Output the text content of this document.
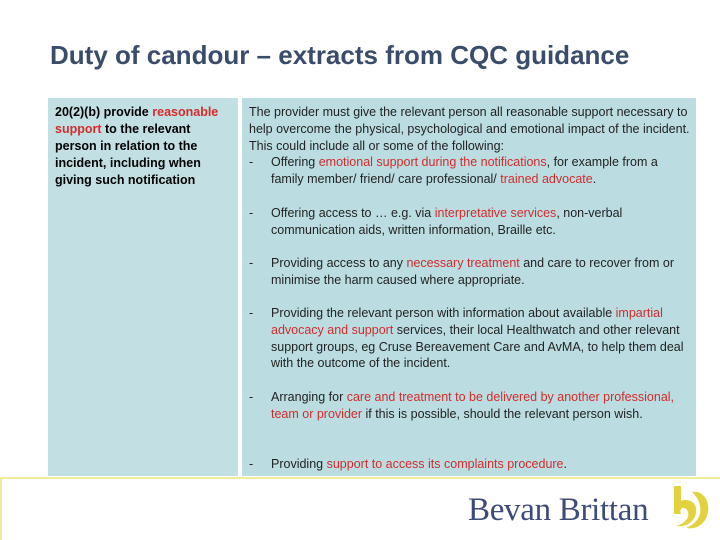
Duty of candour – extracts from CQC guidance
20(2)(b) provide reasonable support to the relevant person in relation to the incident, including when giving such notification
The provider must give the relevant person all reasonable support necessary to help overcome the physical, psychological and emotional impact of the incident. This could include all or some of the following:
- Offering emotional support during the notifications, for example from a family member/ friend/ care professional/ trained advocate.
- Offering access to … e.g. via interpretative services, non-verbal communication aids, written information, Braille etc.
- Providing access to any necessary treatment and care to recover from or minimise the harm caused where appropriate.
- Providing the relevant person with information about available impartial advocacy and support services, their local Healthwatch and other relevant support groups, eg Cruse Bereavement Care and AvMA, to help them deal with the outcome of the incident.
- Arranging for care and treatment to be delivered by another professional, team or provider if this is possible, should the relevant person wish.
- Providing support to access its complaints procedure.
Bevan Brittan
